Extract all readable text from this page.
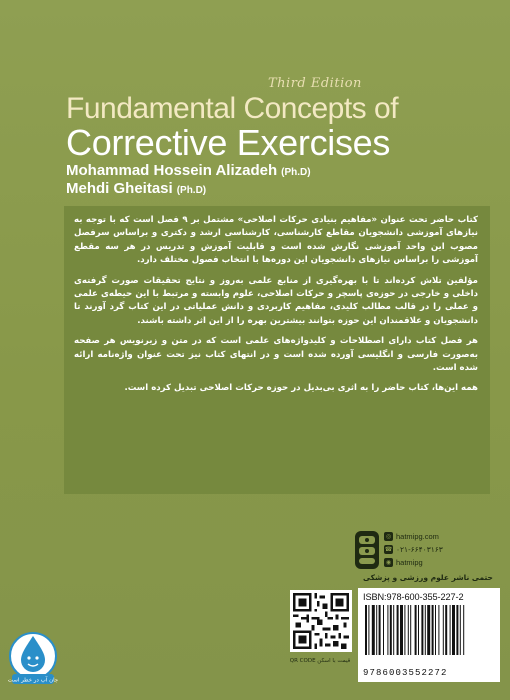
Third Edition
Fundamental Concepts of
Corrective Exercises
Mohammad Hossein Alizadeh (Ph.D)
Mehdi Gheitasi (Ph.D)

کتاب حاضر تحت عنوان «مفاهیم بنیادی حرکات اصلاحی» مشتمل بر ۹ فصل است که با توجه به نیازهای آموزشی دانشجویان مقاطع کارشناسی، کارشناسی ارشد و دکتری و براساس سرفصل مصوب این واحد آموزشی نگارش شده است و قابلیت آموزش و تدریس در هر سه مقطع آموزشی را براساس نیازهای دانشجویان این دوره‌ها با انتخاب فصول مختلف دارد.

مؤلفین تلاش کرده‌اند تا با بهره‌گیری از منابع علمی به‌روز و نتایج تحقیقات صورت گرفته‌ی داخلی و خارجی در حوزه‌ی پاسچر و حرکات اصلاحی، علوم وابسته و مرتبط با این حیطه‌ی علمی و عملی را در قالب مطالب کلیدی، مفاهیم کاربردی و دانش عملیاتی در این کتاب گرد آورند تا دانشجویان و علاقمندان این حوزه بتوانند بیشترین بهره را از این اثر داشته باشند.

هر فصل کتاب دارای اصطلاحات و کلیدواژه‌های علمی است که در متن و زیرنویس هر صفحه به‌صورت فارسی و انگلیسی آورده شده است و در انتهای کتاب نیز تحت عنوان واژه‌نامه ارائه شده است.

همه این‌ها، کتاب حاضر را به اثری بی‌بدیل در حوزه حرکات اصلاحی تبدیل کرده است.

◎ hatmipg.com
☎ ۰۲۱-۶۶۴۰۳۱۶۳
◉ hatmipg
حتمی ناشر علوم ورزشی و پزشکی
قیمت با اسکن QR CODE
ISBN:978-600-355-227-2
9786003552272
جان آب در خطر است
